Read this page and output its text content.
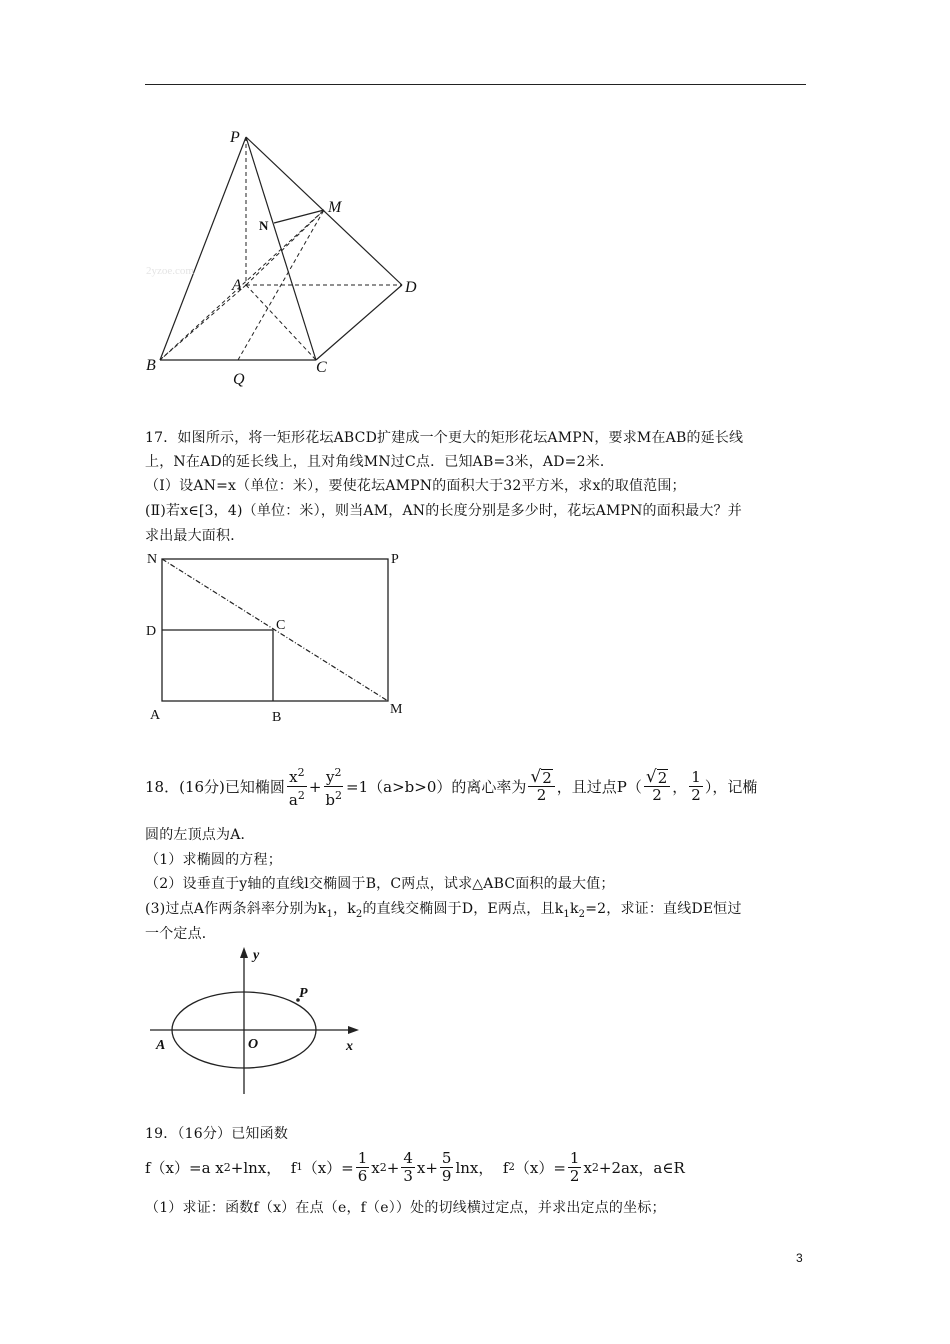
P
M
N
A	D
B
Q
C
2yzoe.com
17．如图所示，将一矩形花坛ABCD扩建成一个更大的矩形花坛AMPN，要求M在AB的延长线
上，N在AD的延长线上，且对角线MN过C点．已知AB=3米，AD=2米．
（I）设AN=x（单位：米），要使花坛AMPN的面积大于32平方米，求x的取值范围；
(Ⅱ)若x∈[3，4)（单位：米），则当AM，AN的长度分别是多少时，花坛AMPN的面积最大？并
求出最大面积．
N	P
D	C
A	B
M
18．(16分)已知椭圆 $\frac{x^2}{a^2} + \frac{y^2}{b^2} =1(a>b>0)$的离心率为 $\frac{√ 2}{2}$ ，且过点$P( \frac{√ 2}{2}$ ， $\frac{1}{2}$ ），记椭
圆的左顶点为A．
（1）求椭圆的方程；
（2）设垂直于y轴的直线l交椭圆于B，C两点，试求△ABC面积的最大值；
(3)过点A作两条斜率分别为$k_1$，$k_2$的直线交椭圆于D，E两点，且$k_1k_2=2$，求证：直线DE恒过
一个定点．
y
P
A	O	x
19．（16分）已知函数
f（x）=a x 2 +lnx，  f 1 $(x)= \frac{1}{6}$ x $2 + \frac{4}{3} x+ \frac{5}{9}$ lnx，  f 2 $(x)= \frac{1}{2}$ x 2 +2ax，a∈R
（1）求证：函数f（x）在点（e，f（e））处的切线横过定点，并求出定点的坐标；
3
